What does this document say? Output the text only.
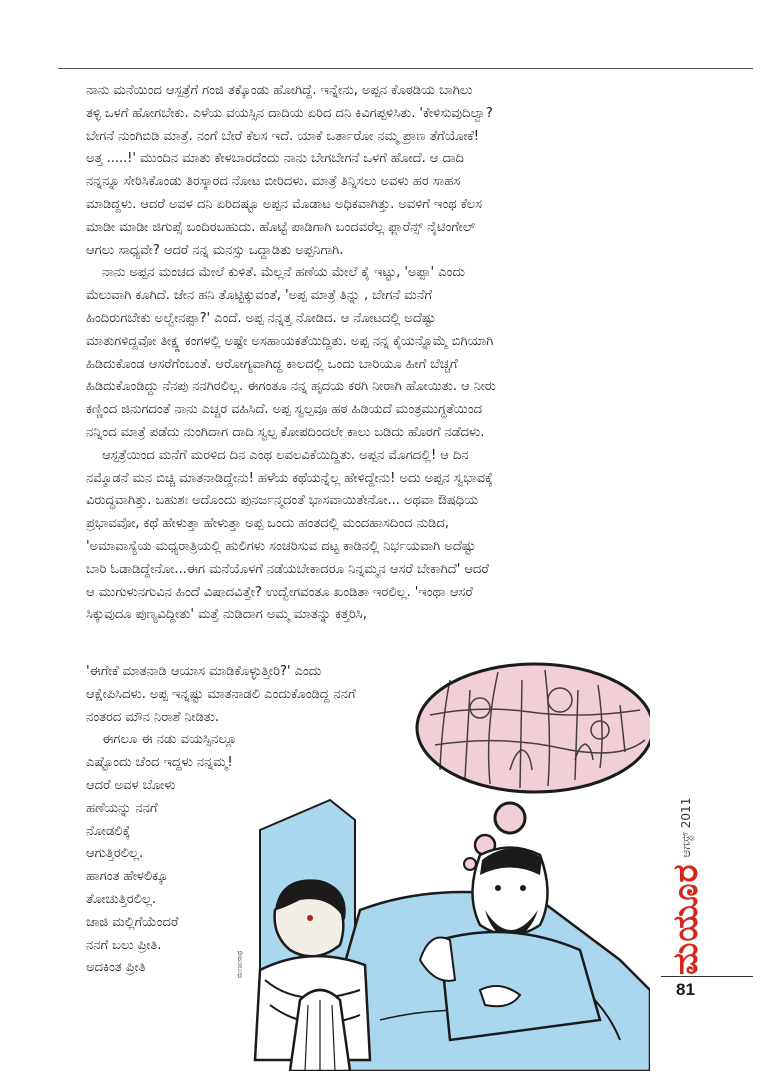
ನಾನು ಮನೆಯಿಂದ ಆಸ್ಪತ್ರೆಗೆ ಗಂಜಿ ತಕ್ಕೊಂಡು ಹೋಗಿದ್ದೆ. ಇನ್ನೇನು, ಅಪ್ಪನ ಕೊಠಡಿಯ ಬಾಗಿಲು
ತಳ್ಳಿ ಒಳಗೆ ಹೋಗಬೇಕು. ಎಳೆಯ ವಯಸ್ಸಿನ ದಾದಿಯ ಏರಿದ ದನಿ ಕಿವಿಗಪ್ಪಳಿಸಿತು. 'ಕೇಳಿಸುವುದಿಲ್ವಾ?
ಬೇಗನೆ ನುಂಗಿಬಿಡಿ ಮಾತ್ರೆ. ನಂಗೆ ಬೇರೆ ಕೆಲಸ ಇದೆ. ಯಾಕೆ ಒರ್ತಾರೋ ನಮ್ಮ ಪ್ರಾಣ ತೆಗೆಯೋಕೆ!
ಅತ್ತ .....!' ಮುಂದಿನ ಮಾತು ಕೇಳಬಾರದೆಂದು ನಾನು ಬೇಗಬೇಗನೆ ಒಳಗೆ ಹೋದೆ. ಆ ದಾದಿ
ನನ್ನನ್ನೂ ಸೇರಿಸಿಕೊಂಡು ತಿರಸ್ಕಾರದ ನೋಟ ಬೀರಿದಳು. ಮಾತ್ರೆ ತಿನ್ನಿಸಲು ಅವಳು ಹರ ಸಾಹಸ
ಮಾಡಿದ್ದಳು. ಆದರೆ ಅವಳ ದನಿ ಏರಿದಷ್ಟೂ ಅಪ್ಪನ ಮೊಡಾಟ ಅಧಿಕವಾಗಿತ್ತು. ಅವಳಿಗೆ ಇಂಥ ಕೆಲಸ
ಮಾಡೀ ಮಾಡೀ ಜಿಗುಪ್ಸೆ ಬಂದಿರಬಹುದು. ಹೊಟ್ಟೆ ಪಾಡಿಗಾಗಿ ಬಂದವರೆಲ್ಲ ಫ್ಲಾರೆನ್ಸ್ ನೈಟಿಂಗೇಲ್
ಆಗಲು ಸಾಧ್ಯವೇ? ಆದರೆ ನನ್ನ ಮನಸ್ಸು ಒದ್ದಾಡಿತು ಅಪ್ಪನಿಗಾಗಿ.
ನಾನು ಅಪ್ಪನ ಮಂಚದ ಮೇಲೆ ಕುಳಿತೆ. ಮೆಲ್ಲನೆ ಹಣೆಯ ಮೇಲೆ ಕೈ ಇಟ್ಟು, 'ಅಪ್ಪಾ' ಎಂದು
ಮೆಲುವಾಗಿ ಕೂಗಿದೆ. ಜೇನ ಹನಿ ತೊಟ್ಟಿಕ್ಕುವಂತೆ, 'ಅಪ್ಪ ಮಾತ್ರೆ ತಿನ್ನು , ಬೇಗನೆ ಮನೆಗೆ
ಹಿಂದಿರುಗಬೇಕು ಅಲ್ವೇನಪ್ಪಾ?' ಎಂದೆ. ಅಪ್ಪ ನನ್ನತ್ತ ನೋಡಿದ. ಆ ನೋಟದಲ್ಲಿ ಅದೆಷ್ಟು
ಮಾತುಗಳಿದ್ದವೋ ತೀಕ್ಷ್ಣ ಕಂಗಳಲ್ಲಿ ಅಷ್ಟೇ ಅಸಹಾಯಕತೆಯಿದ್ದಿತು. ಅಪ್ಪ ನನ್ನ ಕೈಯನ್ನೊಮ್ಮೆ ಬಿಗಿಯಾಗಿ
ಹಿಡಿದುಕೊಂಡ ಆಸರೆಗೆಂಬಂತೆ. ಆರೋಗ್ಯವಾಗಿದ್ದ ಕಾಲದಲ್ಲಿ ಒಂದು ಬಾರಿಯೂ ಹೀಗೆ ಬೆಚ್ಚಗೆ
ಹಿಡಿದುಕೊಂಡಿದ್ದು ನೆನಪು ನನಗಿರಲಿಲ್ಲ. ಈಗಂತೂ ನನ್ನ ಹೃದಯ ಕರಗಿ ನೀರಾಗಿ ಹೋಯಿತು. ಆ ನೀರು
ಕಣ್ಣಿಂದ ಜಿನುಗದಂತೆ ನಾನು ಎಚ್ಚರ ವಹಿಸಿದೆ. ಅಪ್ಪ ಸ್ವಲ್ಪವೂ ಹಠ ಹಿಡಿಯದೆ ಮಂತ್ರಮುಗ್ಧತೆಯಿಂದ
ನನ್ನಿಂದ ಮಾತ್ರೆ ಪಡೆದು ನುಂಗಿದಾಗ ದಾದಿ ಸ್ವಲ್ಪ ಕೋಪದಿಂದಲೇ ಕಾಲು ಬಡಿದು ಹೊರಗೆ ನಡೆದಳು.
ಆಸ್ಪತ್ರೆಯಿಂದ ಮನೆಗೆ ಮರಳಿದ ದಿನ ಎಂಥ ಲವಲವಿಕೆಯಿದ್ದಿತು. ಅಪ್ಪನ ಮೊಗದಲ್ಲಿ! ಆ ದಿನ
ನಮ್ಮೊಡನೆ ಮನ ಬಿಚ್ಚಿ ಮಾತನಾಡಿದ್ದೇನು! ಹಳೆಯ ಕಥೆಯನ್ನೆಲ್ಲ ಹೇಳಿದ್ದೇನು! ಅದು ಅಪ್ಪನ ಸ್ವಭಾವಕ್ಕೆ
ವಿರುದ್ಧವಾಗಿತ್ತು. ಬಹುಶಃ ಅದೊಂದು ಪುನರ್ಜನ್ಮದಂತೆ ಭಾಸವಾಯಿತೇನೋ... ಅಥವಾ ಔಷಧಿಯ
ಪ್ರಭಾವವೋ, ಕಥೆ ಹೇಳುತ್ತಾ ಹೇಳುತ್ತಾ ಅಪ್ಪ ಒಂದು ಹಂತದಲ್ಲಿ ಮಂದಹಾಸದಿಂದ ನುಡಿದ,
'ಅಮಾವಾಸ್ಯೆಯ ಮಧ್ಯರಾತ್ರಿಯಲ್ಲಿ ಹುಲಿಗಳು ಸಂಚರಿಸುವ ದಟ್ಟ ಕಾಡಿನಲ್ಲಿ ನಿರ್ಭಯವಾಗಿ ಅದೆಷ್ಟು
ಬಾರಿ ಓಡಾಡಿದ್ದೇನೋ...ಈಗ ಮನೆಯೊಳಗೆ ನಡೆಯಬೇಕಾದರೂ ನಿನ್ನಮ್ಮನ ಆಸರೆ ಬೇಕಾಗಿದೆ' ಆದರೆ
ಆ ಮುಗುಳುನಗುವಿನ ಹಿಂದೆ ವಿಷಾದವಿತ್ತೇ? ಉದ್ವೇಗವಂತೂ ಖಂಡಿತಾ ಇರಲಿಲ್ಲ. 'ಇಂಥಾ ಆಸರೆ
ಸಿಕ್ಕುವುದೂ ಪುಣ್ಯವಿದ್ದೀತು' ಮತ್ತೆ ನುಡಿದಾಗ ಅಮ್ಮ ಮಾತನ್ನು ಕತ್ತರಿಸಿ,
'ಈಗೇಕೆ ಮಾತನಾಡಿ ಆಯಾಸ ಮಾಡಿಕೊಳ್ಳುತ್ತೀರಿ?' ಎಂದು
ಆಕ್ಷೇಪಿಸಿದಳು. ಅಪ್ಪ ಇನ್ನಷ್ಟು ಮಾತನಾಡಲಿ ಎಂದುಕೊಂಡಿದ್ದ ನನಗೆ
ನಂತರದ ಮೌನ ನಿರಾಶೆ ನೀಡಿತು.
ಈಗಲೂ ಈ ನಡು ವಯಸ್ಸಿನಲ್ಲೂ
ಎಷ್ಟೊಂದು ಚೆಂದ ಇದ್ದಳು ನನ್ನಮ್ಮ!
ಆದರೆ ಅವಳ ಬೋಳು
ಹಣೆಯನ್ನು ನನಗೆ
ನೋಡಲಿಕ್ಕೆ
ಆಗುತ್ತಿರಲಿಲ್ಲ.
ಹಾಗಂತ ಹೇಳಲಿಕ್ಕೂ
ತೋಚುತ್ತಿರಲಿಲ್ಲ.
ಜಾಜಿ ಮಲ್ಲಿಗೆಯೆಂದರೆ
ನನಗೆ ಬಲು ಪ್ರೀತಿ.
ಅದಕಿಂತ ಪ್ರೀತಿ	ಮಂಜುನಾಥ	ಮಯೂರ
ಆಗಸ್ಟ್ 2011
81
